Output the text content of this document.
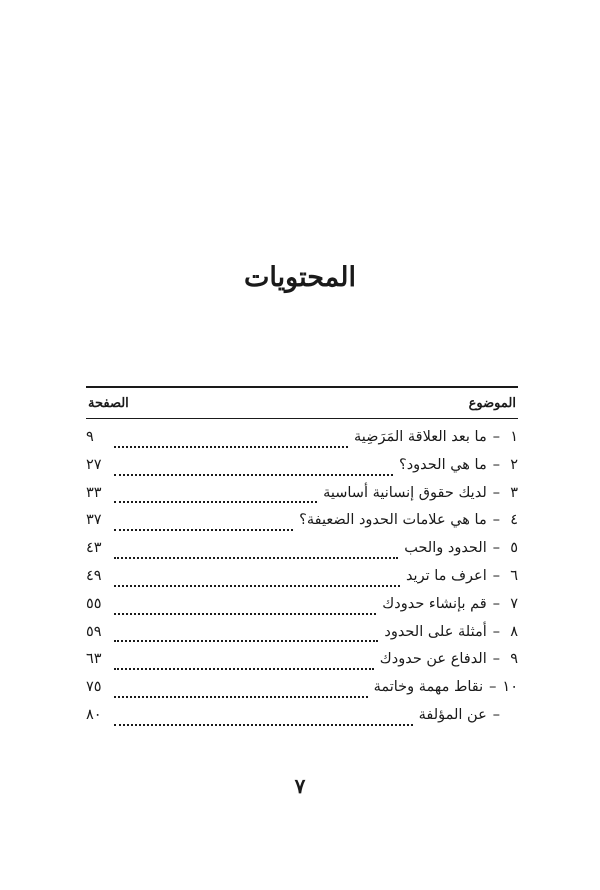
المحتويات
الموضوع
الصفحة
١
–
ما بعد العلاقة المَرَضِية
٩
٢
–
ما هي الحدود؟
٢٧
٣
–
لديك حقوق إنسانية أساسية
٣٣
٤
–
ما هي علامات الحدود الضعيفة؟
٣٧
٥
–
الحدود والحب
٤٣
٦
–
اعرف ما تريد
٤٩
٧
–
قم بإنشاء حدودك
٥٥
٨
–
أمثلة على الحدود
٥٩
٩
–
الدفاع عن حدودك
٦٣
١٠
–
نقاط مهمة وخاتمة
٧٥
–
عن المؤلفة
٨٠
٧
